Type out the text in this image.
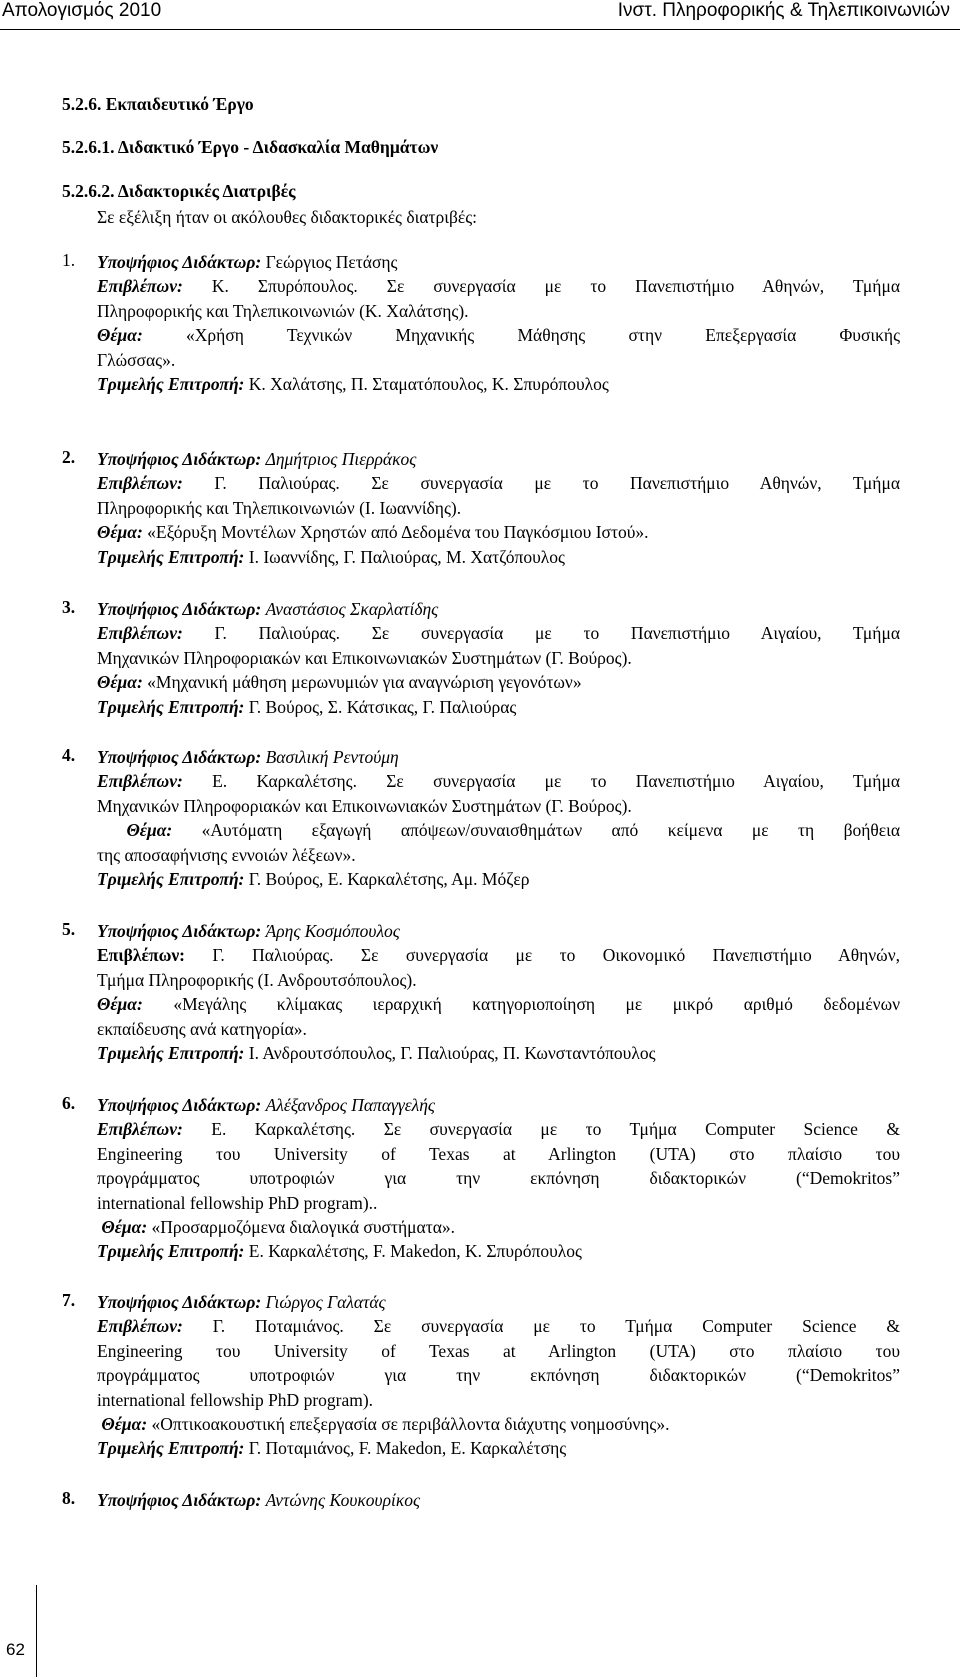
Απολογισμός 2010	Ινστ. Πληροφορικής & Τηλεπικοινωνιών
5.2.6. Εκπαιδευτικό Έργο
5.2.6.1. Διδακτικό Έργο - Διδασκαλία Μαθημάτων
5.2.6.2. Διδακτορικές Διατριβές
Σε εξέλιξη ήταν οι ακόλουθες διδακτορικές διατριβές:
1. Υποψήφιος Διδάκτωρ: Γεώργιος Πετάσης
Επιβλέπων: Κ. Σπυρόπουλος. Σε συνεργασία με το Πανεπιστήμιο Αθηνών, Τμήμα
Πληροφορικής και Τηλεπικοινωνιών (Κ. Χαλάτσης).
Θέμα: «Χρήση Τεχνικών Μηχανικής Μάθησης στην Επεξεργασία Φυσικής
Γλώσσας».
Τριμελής Επιτροπή: Κ. Χαλάτσης, Π. Σταματόπουλος, Κ. Σπυρόπουλος
2. Υποψήφιος Διδάκτωρ: Δημήτριος Πιερράκος
Επιβλέπων: Γ. Παλιούρας. Σε συνεργασία με το Πανεπιστήμιο Αθηνών, Τμήμα
Πληροφορικής και Τηλεπικοινωνιών (Ι. Ιωαννίδης).
Θέμα: «Εξόρυξη Μοντέλων Χρηστών από Δεδομένα του Παγκόσμιου Ιστού».
Τριμελής Επιτροπή: Ι. Ιωαννίδης, Γ. Παλιούρας, Μ. Χατζόπουλος
3. Υποψήφιος Διδάκτωρ: Αναστάσιος Σκαρλατίδης
Επιβλέπων: Γ. Παλιούρας. Σε συνεργασία με το Πανεπιστήμιο Αιγαίου, Τμήμα
Μηχανικών Πληροφοριακών και Επικοινωνιακών Συστημάτων (Γ. Βούρος).
Θέμα: «Μηχανική μάθηση μερωνυμιών για αναγνώριση γεγονότων»
Τριμελής Επιτροπή: Γ. Βούρος, Σ. Κάτσικας, Γ. Παλιούρας
4. Υποψήφιος Διδάκτωρ: Βασιλική Ρεντούμη
Επιβλέπων: Ε. Καρκαλέτσης. Σε συνεργασία με το Πανεπιστήμιο Αιγαίου, Τμήμα
Μηχανικών Πληροφοριακών και Επικοινωνιακών Συστημάτων (Γ. Βούρος).
Θέμα: «Αυτόματη εξαγωγή απόψεων/συναισθημάτων από κείμενα με τη βοήθεια
της αποσαφήνισης εννοιών λέξεων».
Τριμελής Επιτροπή: Γ. Βούρος, Ε. Καρκαλέτσης, Αμ. Μόζερ
5. Υποψήφιος Διδάκτωρ: Άρης Κοσμόπουλος
Επιβλέπων: Γ. Παλιούρας. Σε συνεργασία με το Οικονομικό Πανεπιστήμιο Αθηνών,
Τμήμα Πληροφορικής (Ι. Ανδρουτσόπουλος).
Θέμα: «Μεγάλης κλίμακας ιεραρχική κατηγοριοποίηση με μικρό αριθμό δεδομένων
εκπαίδευσης ανά κατηγορία».
Τριμελής Επιτροπή: Ι. Ανδρουτσόπουλος, Γ. Παλιούρας, Π. Κωνσταντόπουλος
6. Υποψήφιος Διδάκτωρ: Αλέξανδρος Παπαγγελής
Επιβλέπων: Ε. Καρκαλέτσης. Σε συνεργασία με το Τμήμα Computer Science &
Engineering του University of Texas at Arlington (UTA) στο πλαίσιο του
προγράμματος υποτροφιών για την εκπόνηση διδακτορικών (“Demokritos”
international fellowship PhD program)..
Θέμα: «Προσαρμοζόμενα διαλογικά συστήματα».
Τριμελής Επιτροπή: Ε. Καρκαλέτσης, F. Makedon, Κ. Σπυρόπουλος
7. Υποψήφιος Διδάκτωρ: Γιώργος Γαλατάς
Επιβλέπων: Γ. Ποταμιάνος. Σε συνεργασία με το Τμήμα Computer Science &
Engineering του University of Texas at Arlington (UTA) στο πλαίσιο του
προγράμματος υποτροφιών για την εκπόνηση διδακτορικών (“Demokritos”
international fellowship PhD program).
Θέμα: «Οπτικοακουστική επεξεργασία σε περιβάλλοντα διάχυτης νοημοσύνης».
Τριμελής Επιτροπή: Γ. Ποταμιάνος, F. Makedon, Ε. Καρκαλέτσης
8. Υποψήφιος Διδάκτωρ: Αντώνης Κουκουρίκος
62
